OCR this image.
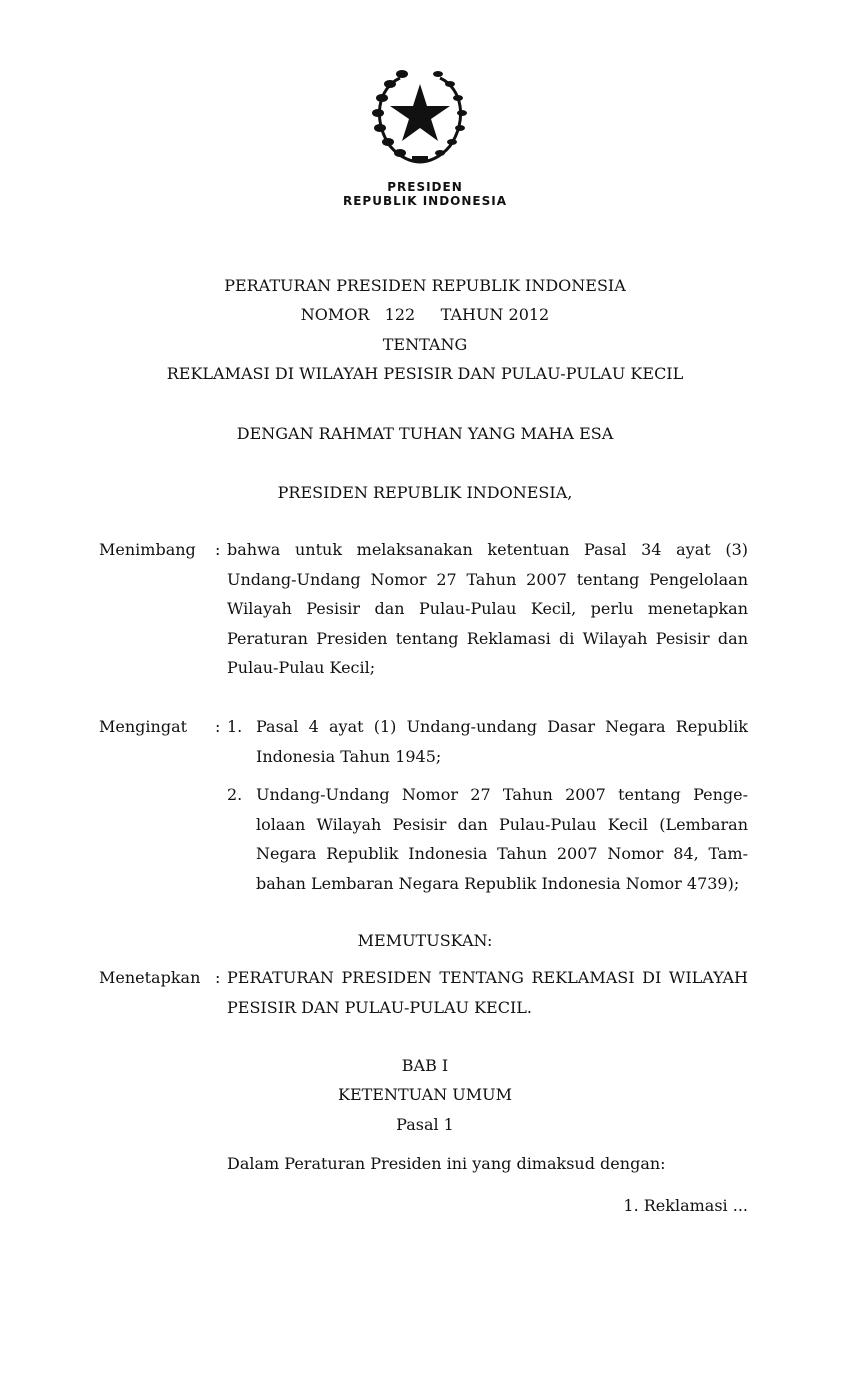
PRESIDEN
REPUBLIK INDONESIA
PERATURAN PRESIDEN REPUBLIK INDONESIA
NOMOR   122     TAHUN 2012
TENTANG
REKLAMASI DI WILAYAH PESISIR DAN PULAU-PULAU KECIL
DENGAN RAHMAT TUHAN YANG MAHA ESA
PRESIDEN REPUBLIK INDONESIA,
Menimbang : bahwa untuk melaksanakan ketentuan Pasal 34 ayat (3) Undang-Undang Nomor 27 Tahun 2007 tentang Pengelolaan Wilayah Pesisir dan Pulau-Pulau Kecil, perlu menetapkan Peraturan Presiden tentang Reklamasi di Wilayah Pesisir dan Pulau-Pulau Kecil;
Mengingat : 1. Pasal 4 ayat (1) Undang-undang Dasar Negara Republik Indonesia Tahun 1945;
2. Undang-Undang Nomor 27 Tahun 2007 tentang Penge-lolaan Wilayah Pesisir dan Pulau-Pulau Kecil (Lembaran Negara Republik Indonesia Tahun 2007 Nomor 84, Tam-bahan Lembaran Negara Republik Indonesia Nomor 4739);
MEMUTUSKAN:
Menetapkan : PERATURAN PRESIDEN TENTANG REKLAMASI DI WILAYAH PESISIR DAN PULAU-PULAU KECIL.
BAB I
KETENTUAN UMUM
Pasal 1
Dalam Peraturan Presiden ini yang dimaksud dengan:
1. Reklamasi ...
